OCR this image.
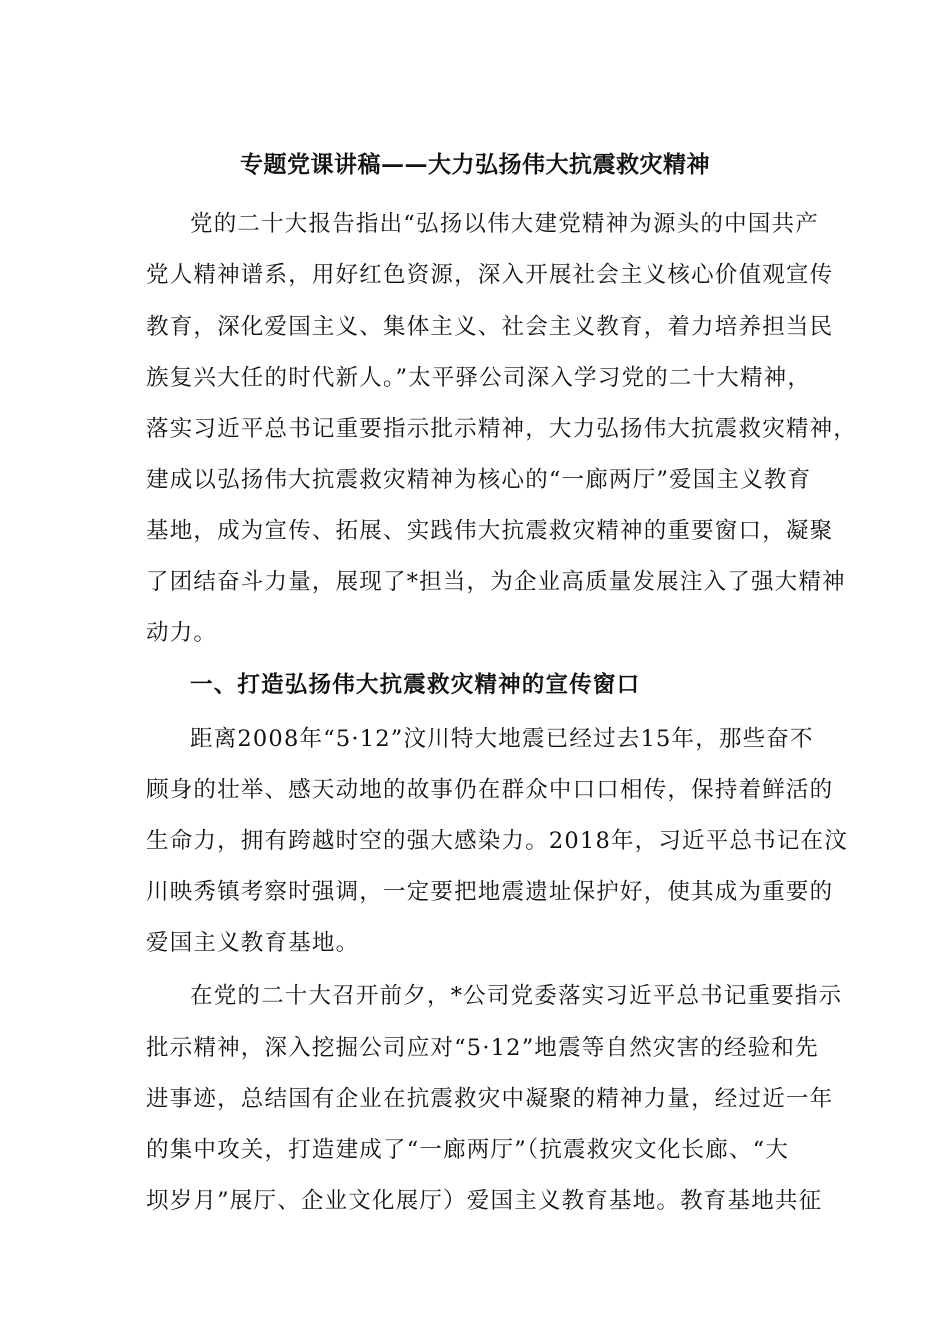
专题党课讲稿——大力弘扬伟大抗震救灾精神
党的二十大报告指出“弘扬以伟大建党精神为源头的中国共产
党人精神谱系，用好红色资源，深入开展社会主义核心价值观宣传
教育，深化爱国主义、集体主义、社会主义教育，着力培养担当民
族复兴大任的时代新人。”太平驿公司深入学习党的二十大精神，
落实习近平总书记重要指示批示精神，大力弘扬伟大抗震救灾精神，
建成以弘扬伟大抗震救灾精神为核心的“一廊两厅”爱国主义教育
基地，成为宣传、拓展、实践伟大抗震救灾精神的重要窗口，凝聚
了团结奋斗力量，展现了*担当，为企业高质量发展注入了强大精神
动力。
一、打造弘扬伟大抗震救灾精神的宣传窗口
距离2008年“5·12”汶川特大地震已经过去15年，那些奋不
顾身的壮举、感天动地的故事仍在群众中口口相传，保持着鲜活的
生命力，拥有跨越时空的强大感染力。2018年，习近平总书记在汶
川映秀镇考察时强调，一定要把地震遗址保护好，使其成为重要的
爱国主义教育基地。
在党的二十大召开前夕，*公司党委落实习近平总书记重要指示
批示精神，深入挖掘公司应对“5·12”地震等自然灾害的经验和先
进事迹，总结国有企业在抗震救灾中凝聚的精神力量，经过近一年
的集中攻关，打造建成了“一廊两厅”（抗震救灾文化长廊、“大
坝岁月”展厅、企业文化展厅）爱国主义教育基地。教育基地共征
